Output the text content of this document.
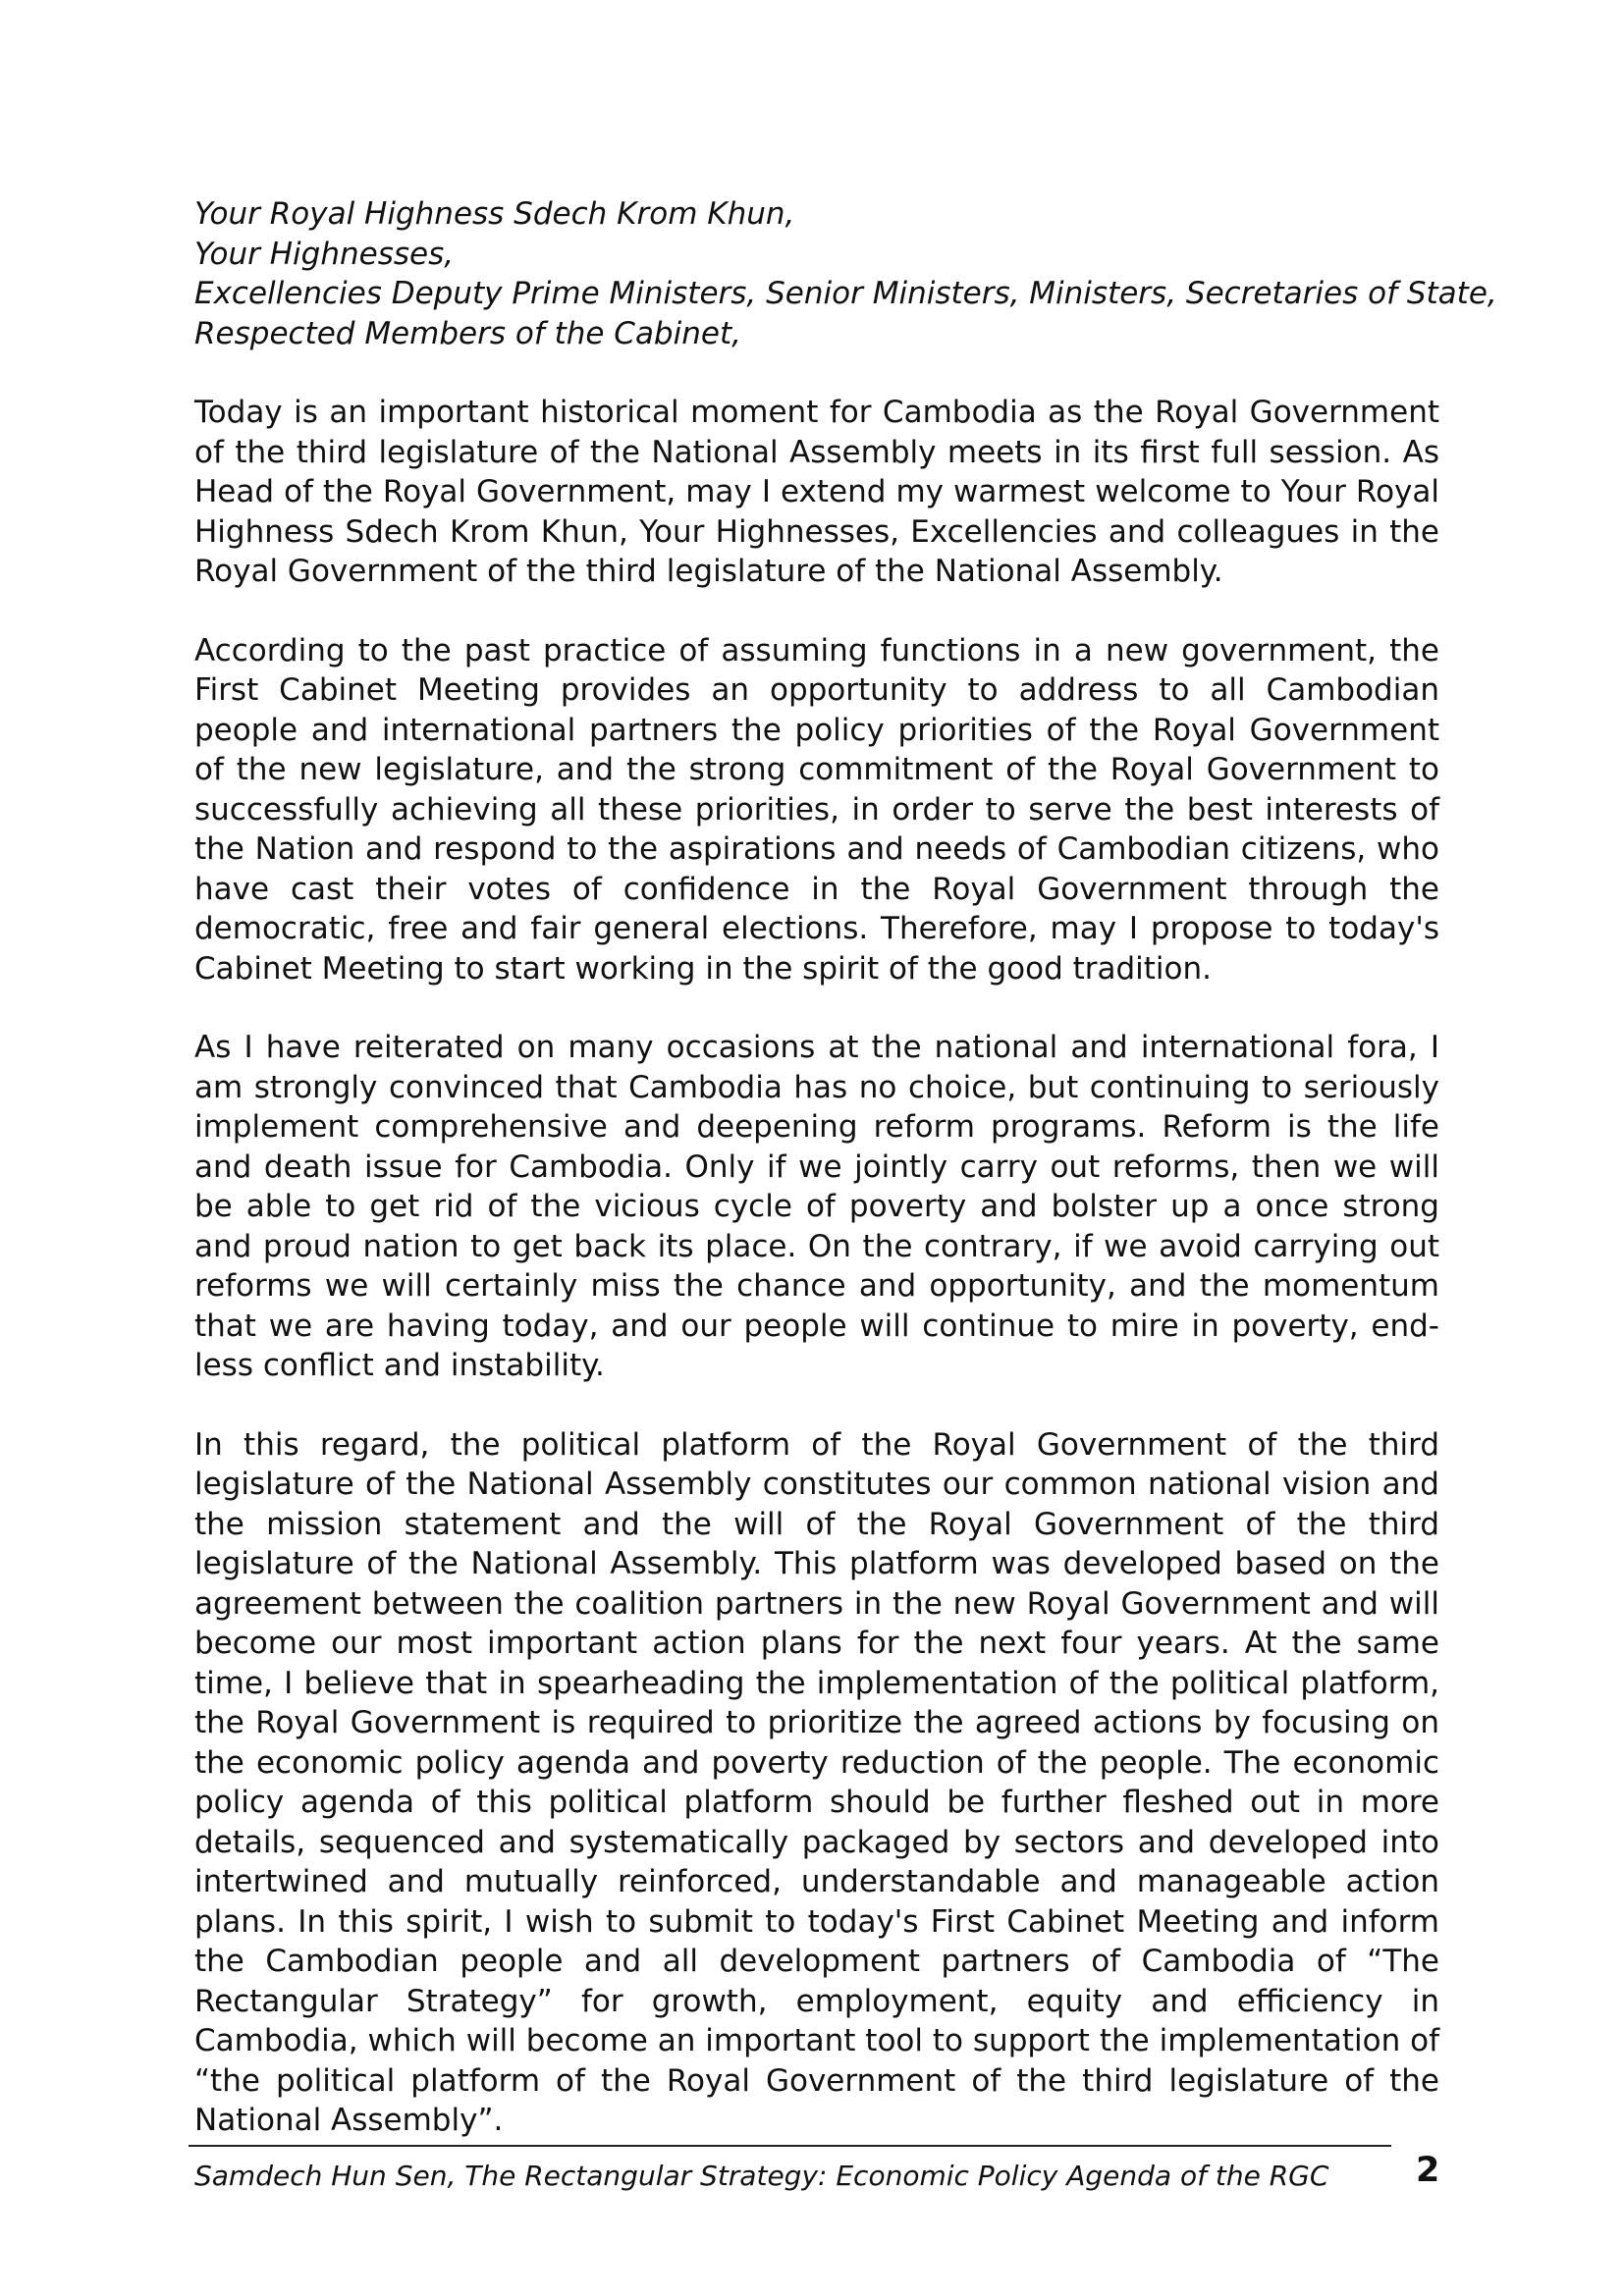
Your Royal Highness Sdech Krom Khun,
Your Highnesses,
Excellencies Deputy Prime Ministers, Senior Ministers, Ministers, Secretaries of State,
Respected Members of the Cabinet,

Today is an important historical moment for Cambodia as the Royal Government of the third legislature of the National Assembly meets in its first full session. As Head of the Royal Government, may I extend my warmest welcome to Your Royal Highness Sdech Krom Khun, Your Highnesses, Excellencies and colleagues in the Royal Government of the third legislature of the National Assembly.

According to the past practice of assuming functions in a new government, the First Cabinet Meeting provides an opportunity to address to all Cambodian people and international partners the policy priorities of the Royal Government of the new legislature, and the strong commitment of the Royal Government to successfully achieving all these priorities, in order to serve the best interests of the Nation and respond to the aspirations and needs of Cambodian citizens, who have cast their votes of confidence in the Royal Government through the democratic, free and fair general elections. Therefore, may I propose to today's Cabinet Meeting to start working in the spirit of the good tradition.

As I have reiterated on many occasions at the national and international fora, I am strongly convinced that Cambodia has no choice, but continuing to seriously implement comprehensive and deepening reform programs. Reform is the life and death issue for Cambodia. Only if we jointly carry out reforms, then we will be able to get rid of the vicious cycle of poverty and bolster up a once strong and proud nation to get back its place. On the contrary, if we avoid carrying out reforms we will certainly miss the chance and opportunity, and the momentum that we are having today, and our people will continue to mire in poverty, end-less conflict and instability.

In this regard, the political platform of the Royal Government of the third legislature of the National Assembly constitutes our common national vision and the mission statement and the will of the Royal Government of the third legislature of the National Assembly. This platform was developed based on the agreement between the coalition partners in the new Royal Government and will become our most important action plans for the next four years. At the same time, I believe that in spearheading the implementation of the political platform, the Royal Government is required to prioritize the agreed actions by focusing on the economic policy agenda and poverty reduction of the people. The economic policy agenda of this political platform should be further fleshed out in more details, sequenced and systematically packaged by sectors and developed into intertwined and mutually reinforced, understandable and manageable action plans. In this spirit, I wish to submit to today's First Cabinet Meeting and inform the Cambodian people and all development partners of Cambodia of “The Rectangular Strategy” for growth, employment, equity and efficiency in Cambodia, which will become an important tool to support the implementation of “the political platform of the Royal Government of the third legislature of the National Assembly”.

Samdech Hun Sen, The Rectangular Strategy: Economic Policy Agenda of the RGC	2
